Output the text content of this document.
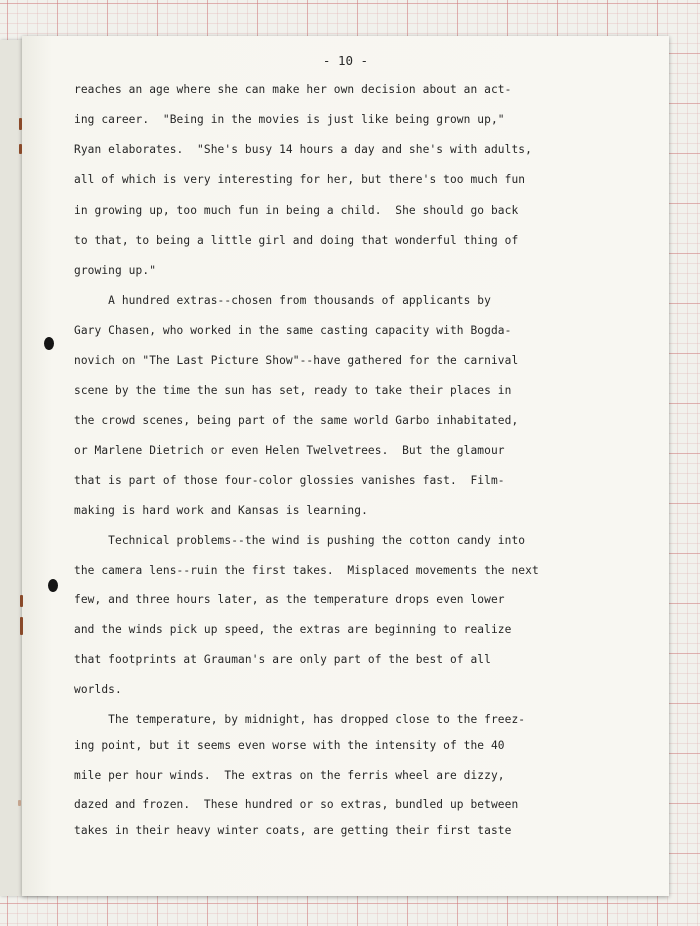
- 10 -
reaches an age where she can make her own decision about an act-
ing career.  "Being in the movies is just like being grown up,"
Ryan elaborates.  "She's busy 14 hours a day and she's with adults,
all of which is very interesting for her, but there's too much fun
in growing up, too much fun in being a child.  She should go back
to that, to being a little girl and doing that wonderful thing of
growing up."
A hundred extras--chosen from thousands of applicants by
Gary Chasen, who worked in the same casting capacity with Bogda-
novich on "The Last Picture Show"--have gathered for the carnival
scene by the time the sun has set, ready to take their places in
the crowd scenes, being part of the same world Garbo inhabitated,
or Marlene Dietrich or even Helen Twelvetrees.  But the glamour
that is part of those four-color glossies vanishes fast.  Film-
making is hard work and Kansas is learning.
Technical problems--the wind is pushing the cotton candy into
the camera lens--ruin the first takes.  Misplaced movements the next
few, and three hours later, as the temperature drops even lower
and the winds pick up speed, the extras are beginning to realize
that footprints at Grauman's are only part of the best of all
worlds.
The temperature, by midnight, has dropped close to the freez-
ing point, but it seems even worse with the intensity of the 40
mile per hour winds.  The extras on the ferris wheel are dizzy,
dazed and frozen.  These hundred or so extras, bundled up between
takes in their heavy winter coats, are getting their first taste
